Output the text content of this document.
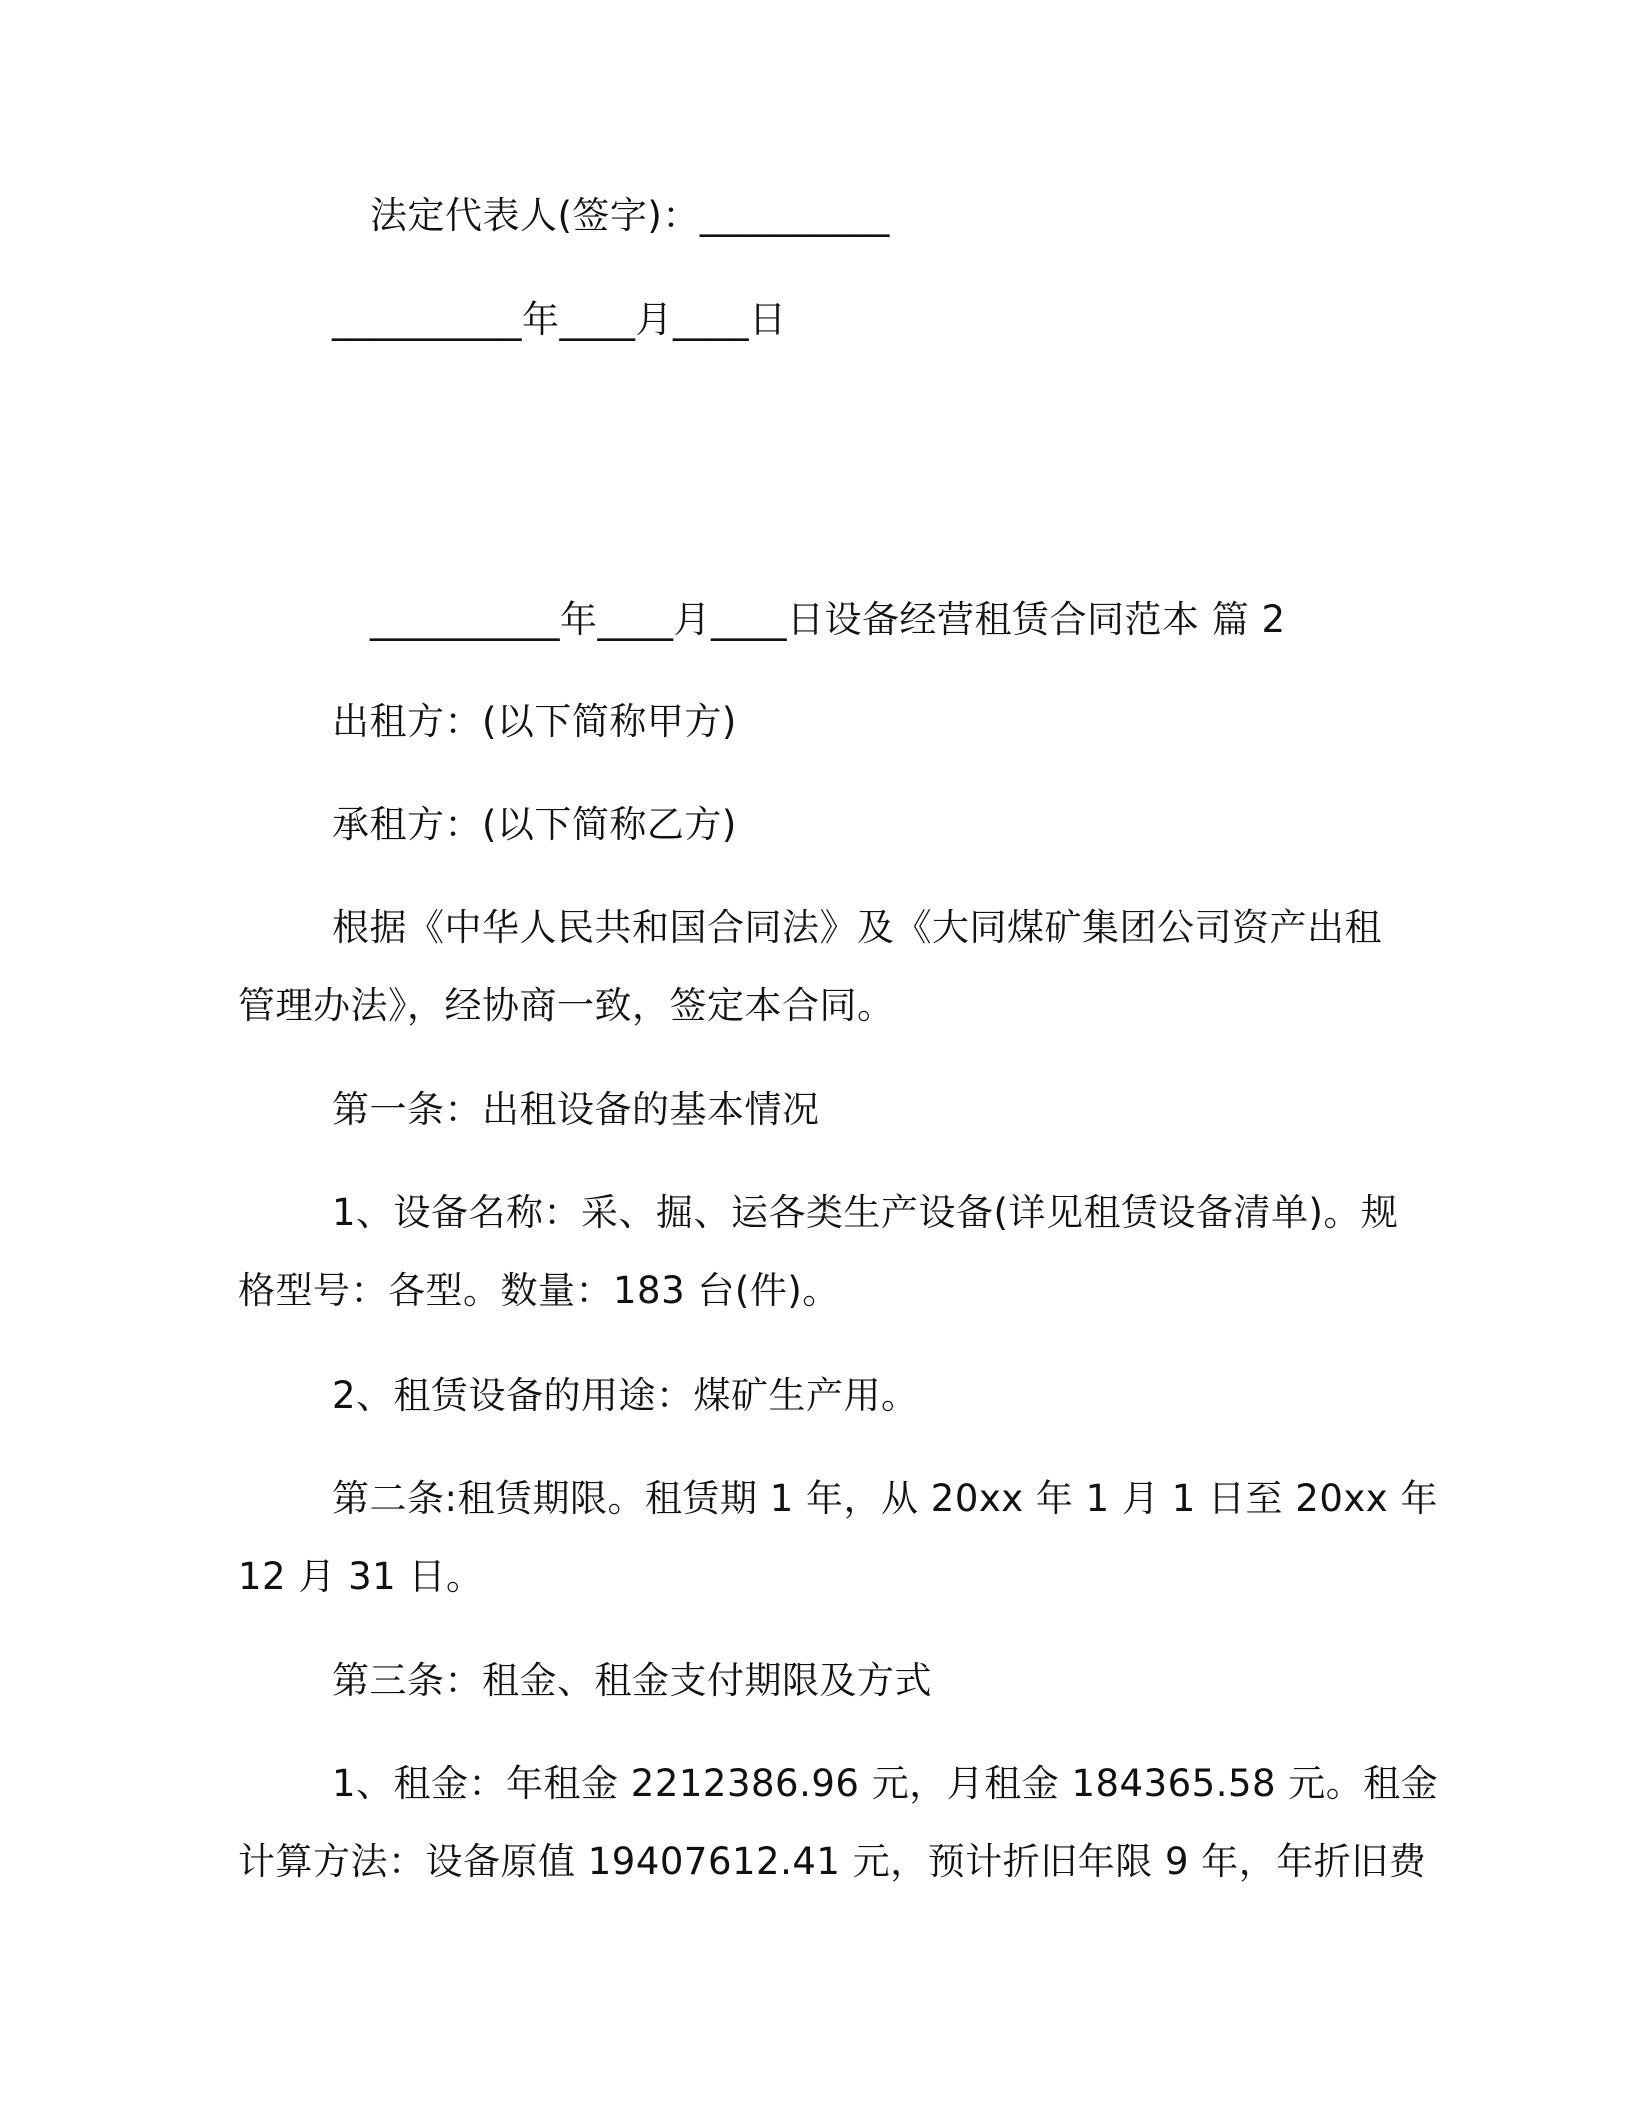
法定代表人(签字)：__________
__________年____月____日
__________年____月____日设备经营租赁合同范本 篇 2
出租方：(以下简称甲方)
承租方：(以下简称乙方)
根据《中华人民共和国合同法》及《大同煤矿集团公司资产出租
管理办法》，经协商一致，签定本合同。
第一条：出租设备的基本情况
1、设备名称：采、掘、运各类生产设备(详见租赁设备清单)。规
格型号：各型。数量：183 台(件)。
2、租赁设备的用途：煤矿生产用。
第二条:租赁期限。租赁期 1 年，从 20xx 年 1 月 1 日至 20xx 年
12 月 31 日。
第三条：租金、租金支付期限及方式
1、租金：年租金 2212386.96 元，月租金 184365.58 元。租金
计算方法：设备原值 19407612.41 元，预计折旧年限 9 年，年折旧费
